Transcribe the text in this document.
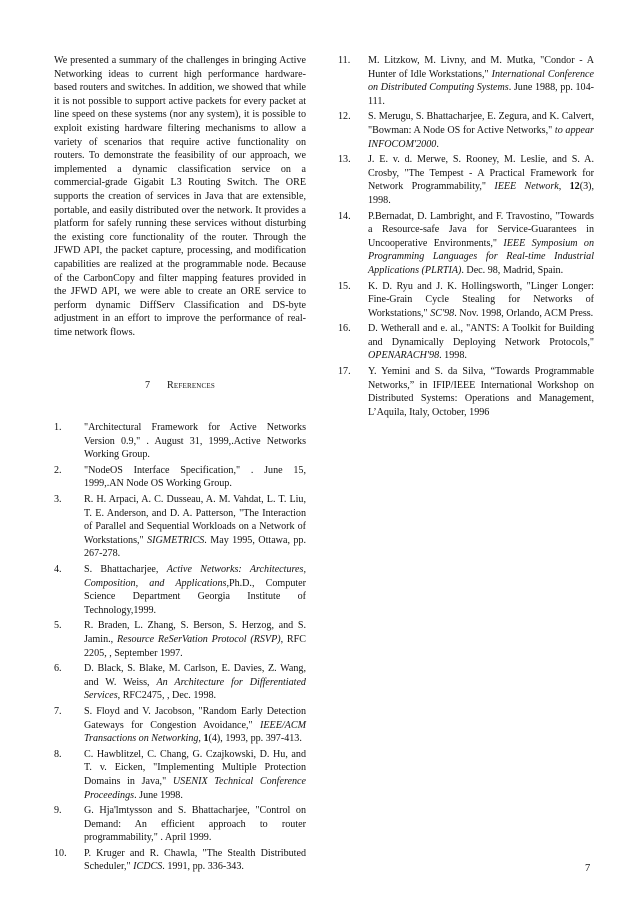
We presented a summary of the challenges in bringing Active Networking ideas to current high performance hardware-based routers and switches. In addition, we showed that while it is not possible to support active packets for every packet at line speed on these systems (nor any system), it is possible to exploit existing hardware filtering mechanisms to allow a variety of scenarios that require active functionality on routers. To demonstrate the feasibility of our approach, we implemented a dynamic classification service on a commercial-grade Gigabit L3 Routing Switch. The ORE supports the creation of services in Java that are extensible, portable, and easily distributed over the network. It provides a platform for safely running these services without disturbing the existing core functionality of the router. Through the JFWD API, the packet capture, processing, and modification capabilities are realized at the programmable node. Because of the CarbonCopy and filter mapping features provided in the JFWD API, we were able to create an ORE service to perform dynamic DiffServ Classification and DS-byte adjustment in an effort to improve the performance of real-time network flows.

7 References
1.	"Architectural Framework for Active Networks Version 0.9," . August 31, 1999,.Active Networks Working Group.
2.	"NodeOS Interface Specification," . June 15, 1999,.AN Node OS Working Group.
3.	R. H. Arpaci, A. C. Dusseau, A. M. Vahdat, L. T. Liu, T. E. Anderson, and D. A. Patterson, "The Interaction of Parallel and Sequential Workloads on a Network of Workstations," SIGMETRICS. May 1995, Ottawa, pp. 267-278.
4.	S. Bhattacharjee, Active Networks: Architectures, Composition, and Applications,Ph.D., Computer Science Department Georgia Institute of Technology,1999.
5.	R. Braden, L. Zhang, S. Berson, S. Herzog, and S. Jamin., Resource ReSerVation Protocol (RSVP), RFC 2205, , September 1997.
6.	D. Black, S. Blake, M. Carlson, E. Davies, Z. Wang, and W. Weiss, An Architecture for Differentiated Services, RFC2475, , Dec. 1998.
7.	S. Floyd and V. Jacobson, "Random Early Detection Gateways for Congestion Avoidance," IEEE/ACM Transactions on Networking, 1(4), 1993, pp. 397-413.
8.	C. Hawblitzel, C. Chang, G. Czajkowski, D. Hu, and T. v. Eicken, "Implementing Multiple Protection Domains in Java," USENIX Technical Conference Proceedings. June 1998.
9.	G. Hja'lmtysson and S. Bhattacharjee, "Control on Demand: An efficient approach to router programmability," . April 1999.
10.	P. Kruger and R. Chawla, "The Stealth Distributed Scheduler," ICDCS. 1991, pp. 336-343.
11.	M. Litzkow, M. Livny, and M. Mutka, "Condor - A Hunter of Idle Workstations," International Conference on Distributed Computing Systems. June 1988, pp. 104-111.
12.	S. Merugu, S. Bhattacharjee, E. Zegura, and K. Calvert, "Bowman: A Node OS for Active Networks," to appear INFOCOM'2000.
13.	J. E. v. d. Merwe, S. Rooney, M. Leslie, and S. A. Crosby, "The Tempest - A Practical Framework for Network Programmability," IEEE Network, 12(3), 1998.
14.	P.Bernadat, D. Lambright, and F. Travostino, "Towards a Resource-safe Java for Service-Guarantees in Uncooperative Environments," IEEE Symposium on Programming Languages for Real-time Industrial Applications (PLRTIA). Dec. 98, Madrid, Spain.
15.	K. D. Ryu and J. K. Hollingsworth, "Linger Longer: Fine-Grain Cycle Stealing for Networks of Workstations," SC'98. Nov. 1998, Orlando, ACM Press.
16.	D. Wetherall and e. al., "ANTS: A Toolkit for Building and Dynamically Deploying Network Protocols," OPENARACH'98. 1998.
17.	Y. Yemini and S. da Silva, “Towards Programmable Networks,” in IFIP/IEEE International Workshop on Distributed Systems: Operations and Management, L’Aquila, Italy, October, 1996
7
